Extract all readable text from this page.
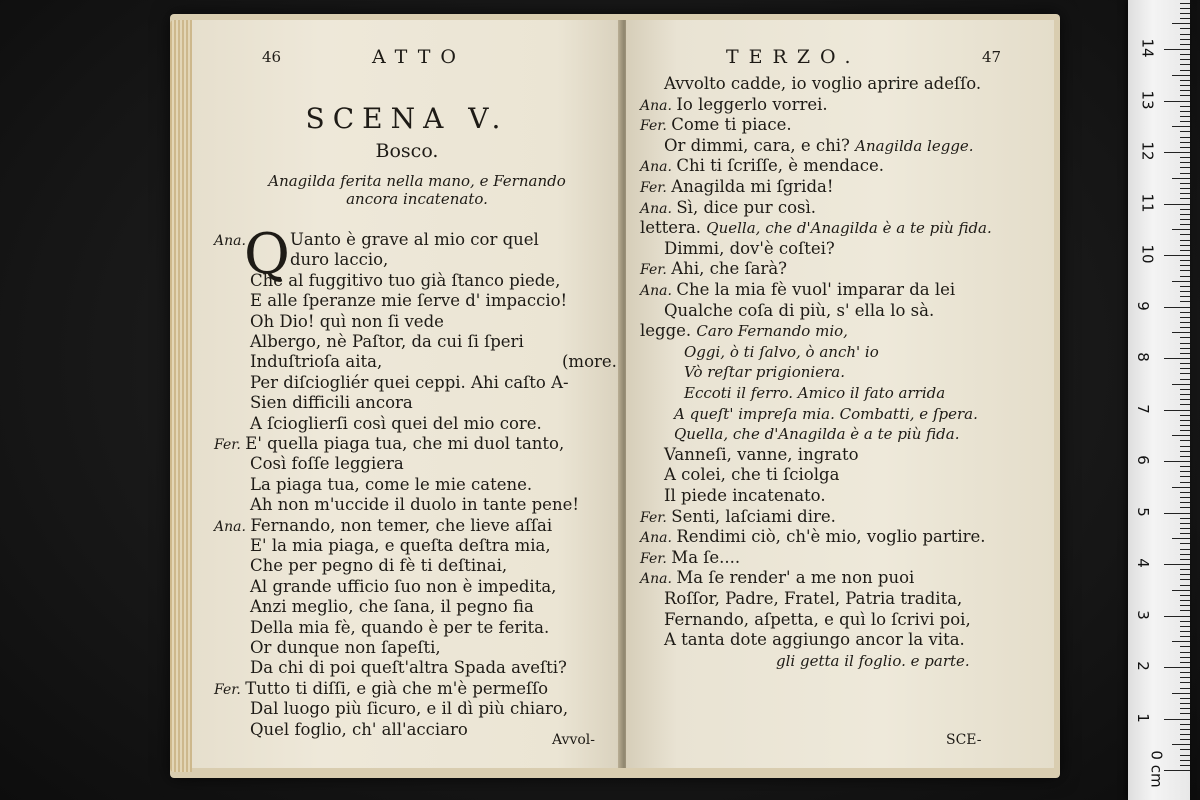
46	ATTO
SCENA V.
Bosco.
Anagilda ferita nella mano, e Fernando
ancora incatenato.
Q
Ana.	Uanto è grave al mio cor quel
duro laccio,
Che al fuggitivo tuo già ſtanco piede,
E alle ſperanze mie ſerve d' impaccio!
Oh Dio! quì non ſi vede
Albergo, nè Paſtor, da cui ſi ſperi
Induſtrioſa aita,
Per diſciogliér quei ceppi. Ahi caſto A-
Sien difficili ancora
A ſcioglierſi così quei del mio core.
Fer. E' quella piaga tua, che mi duol tanto,
Così foſſe leggiera
La piaga tua, come le mie catene.
Ah non m'uccide il duolo in tante pene!
Ana. Fernando, non temer, che lieve aſſai
E' la mia piaga, e queſta deſtra mia,
Che per pegno di fè ti deſtinai,
Al grande ufficio ſuo non è impedita,
Anzi meglio, che ſana, il pegno fia
Della mia fè, quando è per te ferita.
Or dunque non ſapeſti,
Da chi di poi queſt'altra Spada aveſti?
Fer. Tutto ti diſſi, e già che m'è permeſſo
Dal luogo più ſicuro, e il dì più chiaro,
Quel foglio, ch' all'acciaro
(more.
Avvol-
TERZO.	47
Avvolto cadde, io voglio aprire adeſſo.
Ana. Io leggerlo vorrei.
Fer. Come ti piace.
Or dimmi, cara, e chi? Anagilda legge.
Ana. Chi ti ſcriſſe, è mendace.
Fer. Anagilda mi ſgrida!
Ana. Sì, dice pur così.
lettera. Quella, che d'Anagilda è a te più fida.
Dimmi, dov'è coſtei?
Fer. Ahi, che ſarà?
Ana. Che la mia fè vuol' imparar da lei
Qualche coſa di più, s' ella lo sà.
legge. Caro Fernando mio,
Oggi, ò ti ſalvo, ò anch' io
Vò reſtar prigioniera.
Eccoti il ferro. Amico il fato arrida
A queſt' impreſa mia. Combatti, e ſpera.
Quella, che d'Anagilda è a te più fida.
Vanneſi, vanne, ingrato
A colei, che ti ſciolga
Il piede incatenato.
Fer. Senti, laſciami dire.
Ana. Rendimi ciò, ch'è mio, voglio partire.
Fer. Ma ſe....
Ana. Ma ſe render' a me non puoi
Roſſor, Padre, Fratel, Patria tradita,
Fernando, aſpetta, e quì lo ſcrivi poi,
A tanta dote aggiungo ancor la vita.
gli getta il foglio. e parte.
SCE-
0 cm
1
2
3
4
5
6
7
8
9
10
11
12
13
14
